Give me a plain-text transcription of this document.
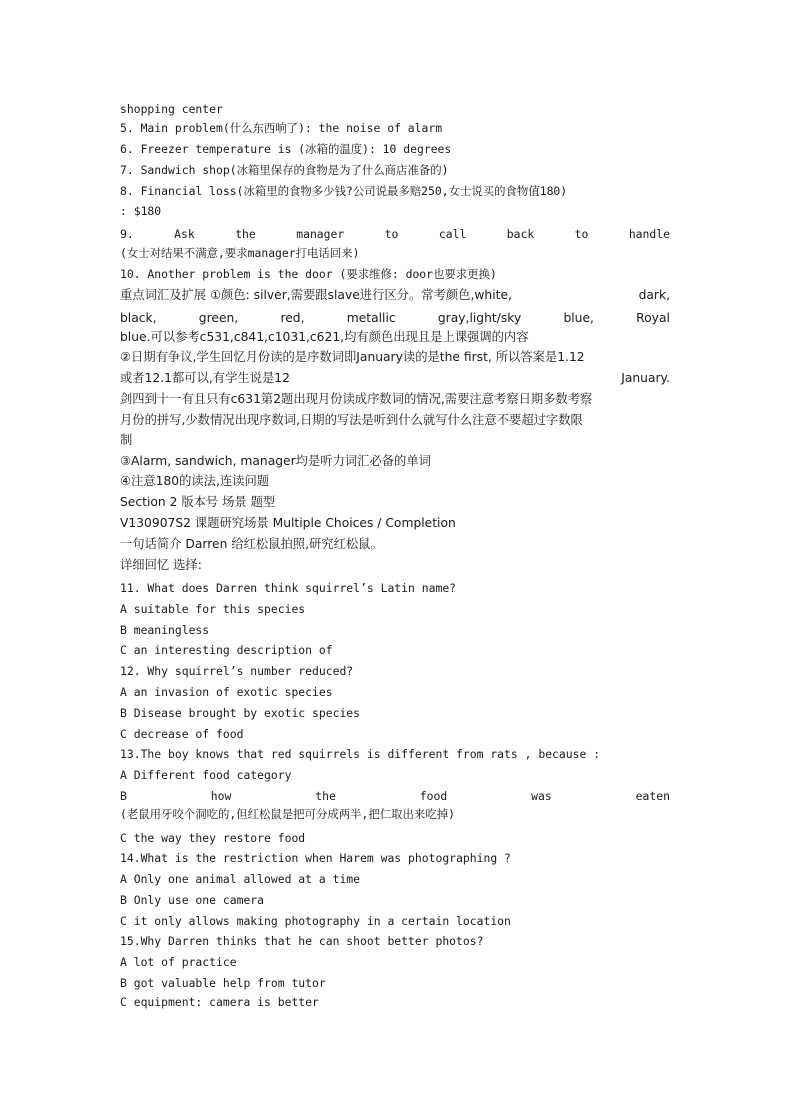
shopping center
5. Main problem(什么东西响了): the noise of alarm
6. Freezer temperature is (冰箱的温度): 10 degrees
7. Sandwich shop(冰箱里保存的食物是为了什么商店准备的)
8. Financial loss(冰箱里的食物多少钱?公司说最多赔250,女士说买的食物值180)
: $180
9.	Ask	the	manager	to	call	back	to	handle
(女士对结果不满意,要求manager打电话回来)
10. Another problem is the door (要求维修: door也要求更换)
重点词汇及扩展 ①颜色: silver,需要跟slave进行区分。常考颜色,white,	dark,
black,	green,	red,	metallic	gray,light/sky	blue,	Royal
blue.可以参考c531,c841,c1031,c621,均有颜色出现且是上课强调的内容
②日期有争议,学生回忆月份读的是序数词即January读的是the first, 所以答案是1.12
或者12.1都可以,有学生说是12	January.
剑四到十一有且只有c631第2题出现月份读成序数词的情况,需要注意考察日期多数考察
月份的拼写,少数情况出现序数词,日期的写法是听到什么就写什么注意不要超过字数限
制
③Alarm, sandwich, manager均是听力词汇必备的单词
④注意180的读法,连读问题
Section 2 版本号 场景 题型
V130907S2 课题研究场景 Multiple Choices / Completion
一句话简介 Darren 给红松鼠拍照,研究红松鼠。
详细回忆 选择:
11. What does Darren think squirrel’s Latin name?
A suitable for this species
B meaningless
C an interesting description of
12. Why squirrel’s number reduced?
A an invasion of exotic species
B Disease brought by exotic species
C decrease of food
13.The boy knows that red squirrels is different from rats , because :
A Different food category
B	how	the	food	was	eaten
(老鼠用牙咬个洞吃的,但红松鼠是把可分成两半,把仁取出来吃掉)
C the way they restore food
14.What is the restriction when Harem was photographing ?
A Only one animal allowed at a time
B Only use one camera
C it only allows making photography in a certain location
15.Why Darren thinks that he can shoot better photos?
A lot of practice
B got valuable help from tutor
C equipment: camera is better
